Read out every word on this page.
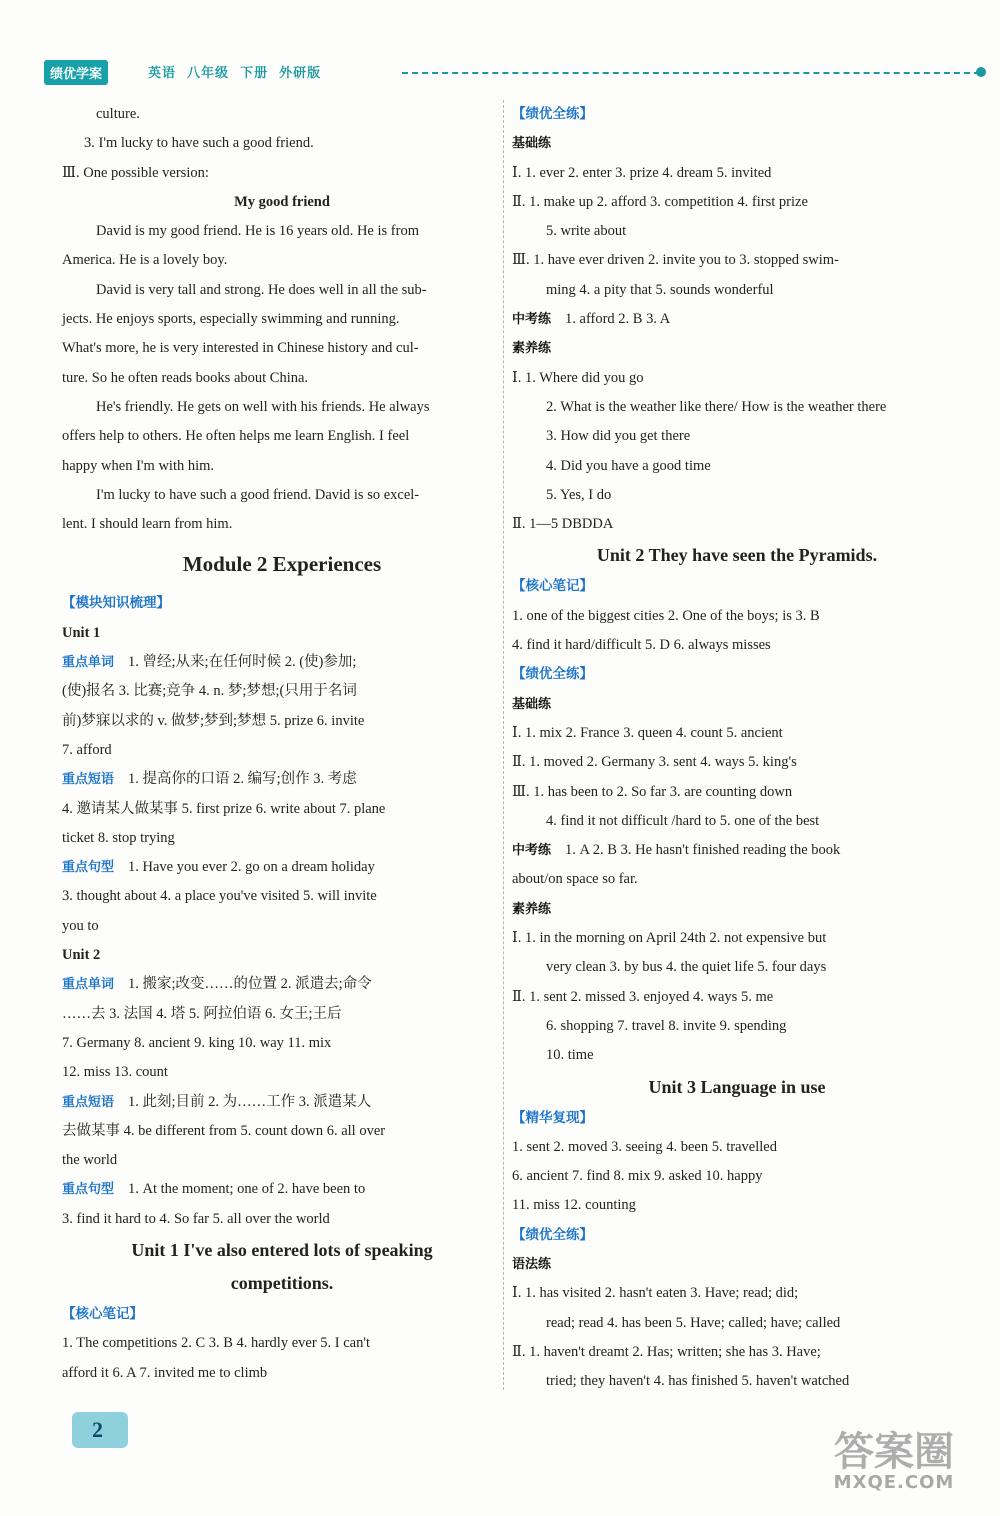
绩优学案	英语  八年级  下册  外研版
culture.
3. I'm lucky to have such a good friend.
Ⅲ. One possible version:
My good friend
David is my good friend. He is 16 years old. He is from
America. He is a lovely boy.
David is very tall and strong. He does well in all the sub-
jects. He enjoys sports, especially swimming and running.
What's more, he is very interested in Chinese history and cul-
ture. So he often reads books about China.
He's friendly. He gets on well with his friends. He always
offers help to others. He often helps me learn English. I feel
happy when I'm with him.
I'm lucky to have such a good friend. David is so excel-
lent. I should learn from him.
Module 2 Experiences
【模块知识梳理】
Unit 1
重点单词 1. 曾经;从来;在任何时候 2. (使)参加;
(使)报名 3. 比赛;竞争 4. n. 梦;梦想;(只用于名词
前)梦寐以求的 v. 做梦;梦到;梦想 5. prize 6. invite
7. afford
重点短语 1. 提高你的口语 2. 编写;创作 3. 考虑
4. 邀请某人做某事 5. first prize 6. write about 7. plane
ticket 8. stop trying
重点句型 1. Have you ever 2. go on a dream holiday
3. thought about 4. a place you've visited 5. will invite
you to
Unit 2
重点单词 1. 搬家;改变……的位置 2. 派遣去;命令
……去 3. 法国 4. 塔 5. 阿拉伯语 6. 女王;王后
7. Germany 8. ancient 9. king 10. way 11. mix
12. miss 13. count
重点短语 1. 此刻;目前 2. 为……工作 3. 派遣某人
去做某事 4. be different from 5. count down 6. all over
the world
重点句型 1. At the moment; one of 2. have been to
3. find it hard to 4. So far 5. all over the world
Unit 1 I've also entered lots of speaking
competitions.
【核心笔记】
1. The competitions 2. C 3. B 4. hardly ever 5. I can't
afford it 6. A 7. invited me to climb
【绩优全练】
基础练
Ⅰ. 1. ever 2. enter 3. prize 4. dream 5. invited
Ⅱ. 1. make up 2. afford 3. competition 4. first prize
5. write about
Ⅲ. 1. have ever driven 2. invite you to 3. stopped swim-
ming 4. a pity that 5. sounds wonderful
中考练 1. afford 2. B 3. A
素养练
Ⅰ. 1. Where did you go
2. What is the weather like there/ How is the weather there
3. How did you get there
4. Did you have a good time
5. Yes, I do
Ⅱ. 1—5 DBDDA
Unit 2 They have seen the Pyramids.
【核心笔记】
1. one of the biggest cities 2. One of the boys; is 3. B
4. find it hard/difficult 5. D 6. always misses
【绩优全练】
基础练
Ⅰ. 1. mix 2. France 3. queen 4. count 5. ancient
Ⅱ. 1. moved 2. Germany 3. sent 4. ways 5. king's
Ⅲ. 1. has been to 2. So far 3. are counting down
4. find it not difficult /hard to 5. one of the best
中考练 1. A 2. B 3. He hasn't finished reading the book
about/on space so far.
素养练
Ⅰ. 1. in the morning on April 24th 2. not expensive but
very clean 3. by bus 4. the quiet life 5. four days
Ⅱ. 1. sent 2. missed 3. enjoyed 4. ways 5. me
6. shopping 7. travel 8. invite 9. spending
10. time
Unit 3 Language in use
【精华复现】
1. sent 2. moved 3. seeing 4. been 5. travelled
6. ancient 7. find 8. mix 9. asked 10. happy
11. miss 12. counting
【绩优全练】
语法练
Ⅰ. 1. has visited 2. hasn't eaten 3. Have; read; did;
read; read 4. has been 5. Have; called; have; called
Ⅱ. 1. haven't dreamt 2. Has; written; she has 3. Have;
tried; they haven't 4. has finished 5. haven't watched
2	答案圈
MXQE.COM
